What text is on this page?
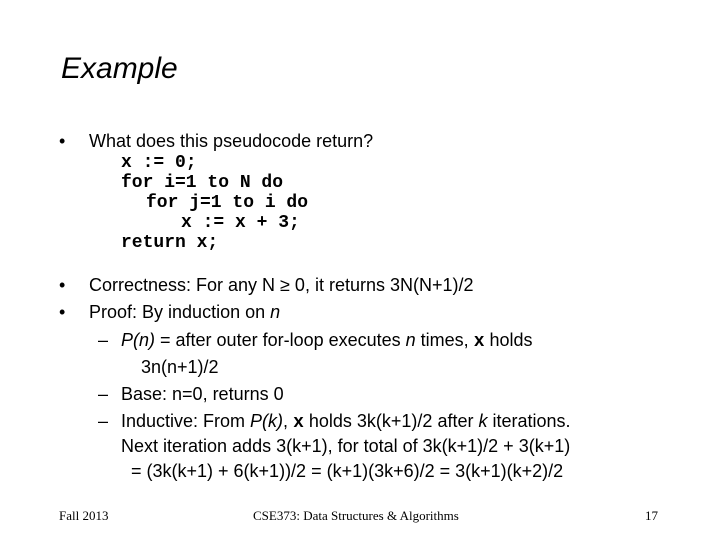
Example
• What does this pseudocode return?
x := 0;
for i=1 to N do
for j=1 to i do
x := x + 3;
return x;
• Correctness: For any N ≥ 0, it returns 3N(N+1)/2
• Proof: By induction on n
– P(n) = after outer for-loop executes n times, x holds
3n(n+1)/2
– Base: n=0, returns 0
– Inductive: From P(k), x holds 3k(k+1)/2 after k iterations.
Next iteration adds 3(k+1), for total of 3k(k+1)/2 + 3(k+1)
= (3k(k+1) + 6(k+1))/2 = (k+1)(3k+6)/2 = 3(k+1)(k+2)/2
Fall 2013	CSE373: Data Structures & Algorithms	17
